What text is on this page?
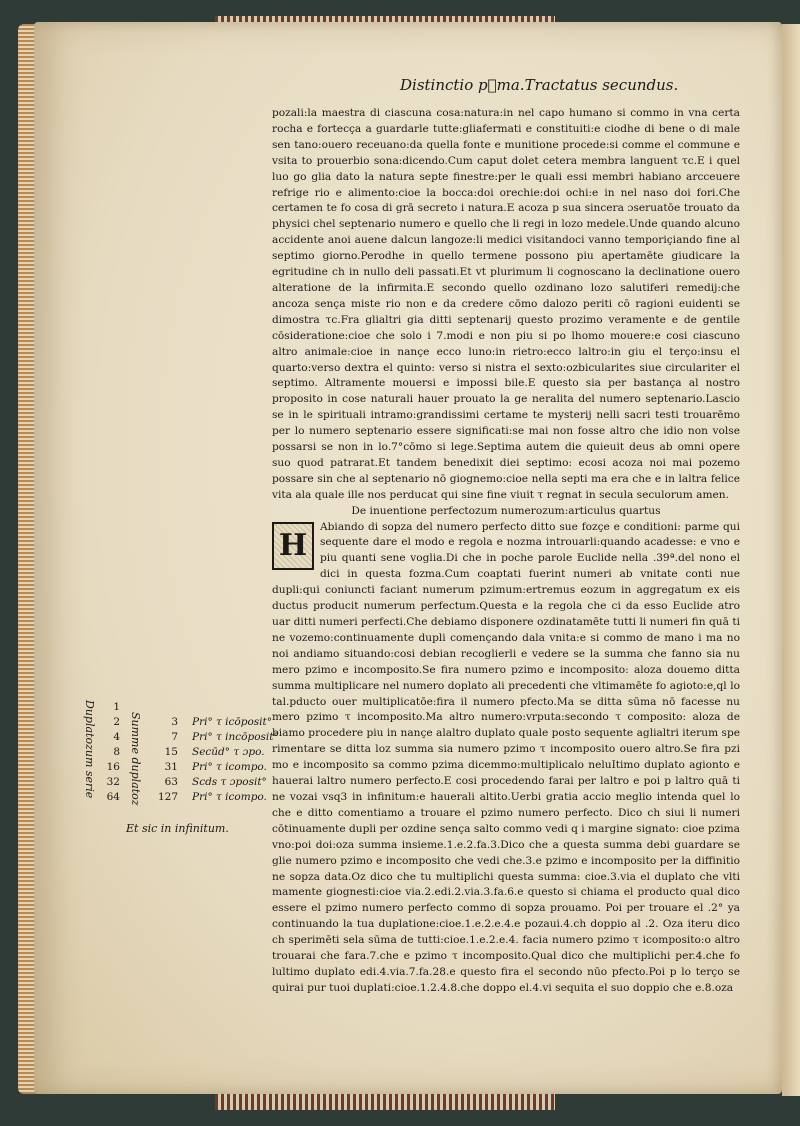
Distinctio pᷓma.Tractatus secundus.

pozali:la maestra di ciascuna cosa:natura:in nel capo humano si commo in vna certa rocha e fortecça a guardarle tutte:gliafermati e constituiti:e ciodhe di bene o di male sen tano:ouero receuano:da quella fonte e munitione procede:si comme el commune e vsita to prouerbio sona:dicendo.Cum caput dolet cetera membra languent τc.E i quel luo go glia dato la natura septe finestre:per le quali essi membri habiano arcceuere refrige rio e alimento:cioe la bocca:doi orechie:doi ochi:e in nel naso doi fori.Che certamen te fo cosa di grā secreto i natura.E acoza p sua sincera ɔseruatōe trouato da physici chel septenario numero e quello che li regi in lozo medele.Unde quando alcuno accidente anoi auene dalcun langoze:li medici visitandoci vanno temporiçiando fine al septimo giorno.Perodhe in quello termene possono piu apertamēte giudicare la egritudine ch in nullo deli passati.Et vt plurimum li cognoscano la declinatione ouero alteratione de la infirmita.E secondo quello ozdinano lozo salutiferi remedij:che ancoza sença miste rio non e da credere cōmo dalozo periti cō ragioni euidenti se dimostra τc.Fra glialtri gia ditti septenarij questo prozimo veramente e de gentile cōsideratione:cioe che solo i 7.modi e non piu si po lhomo mouere:e cosi ciascuno altro animale:cioe in nançe ecco luno:in rietro:ecco laltro:in giu el terço:insu el quarto:verso dextra el quinto: verso si nistra el sexto:ozbicularites siue circulariter el septimo. Altramente mouersi e impossi bile.E questo sia per bastança al nostro proposito in cose naturali hauer prouato la ge neralita del numero septenario.Lascio se in le spirituali intramo:grandissimi certame te mysterij nelli sacri testi trouarēmo per lo numero septenario essere significati:se mai non fosse altro che idio non volse possarsi se non in lo.7°cōmo si lege.Septima autem die quieuit deus ab omni opere suo quod patrarat.Et tandem benedixit diei septimo: ecosi acoza noi mai pozemo possare sin che al septenario nō giognemo:cioe nella septi ma era che e in laltra felice vita ala quale ille nos perducat qui sine fine viuit τ regnat in secula seculorum amen.

De inuentione perfectozum numerozum:articulus quartus

H
Abiando di sopza del numero perfecto ditto sue fozçe e conditioni: parme qui sequente dare el modo e regola e nozma introuarli:quando acadesse: e vno e piu quanti sene voglia.Di che in poche parole Euclide nella .39ª.del nono el dici in questa fozma.Cum coaptati fuerint numeri ab vnitate conti nue dupli:qui coniuncti faciant numerum pzimum:ertremus eozum in aggregatum ex eis ductus producit numerum perfectum.Questa e la regola che ci da esso Euclide atro uar ditti numeri perfecti.Che debiamo disponere ozdinatamēte tutti li numeri fin quā ti ne vozemo:continuamente dupli començando dala vnita:e si commo de mano i ma no noi andiamo situando:cosi debian recoglierli e vedere se la summa che fanno sia nu mero pzimo e incomposito.Se fira numero pzimo e incomposito: aloza douemo ditta summa multiplicare nel numero doplato ali precedenti che vltimamēte fo agioto:e,ql lo tal.pducto ouer multiplicatōe:fira il numero pfecto.Ma se ditta sūma nō facesse nu mero pzimo τ incomposito.Ma altro numero:vrputa:secondo τ composito: aloza de biamo procedere piu in nançe alaltro duplato quale posto sequente aglialtri iterum spe rimentare se ditta loz summa sia numero pzimo τ incomposito ouero altro.Se fira pzi mo e incomposito sa commo pzima dicemmo:multiplicalo neluItimo duplato agionto e hauerai laltro numero perfecto.E cosi procedendo farai per laltro e poi p laltro quā ti ne vozai vsq3 in infinitum:e hauerali altito.Uerbi gratia accio meglio intenda quel lo che e ditto comentiamo a trouare el pzimo numero perfecto. Dico ch siui li numeri cōtinuamente dupli per ozdine sença salto commo vedi q i margine signato: cioe pzima vno:poi doi:oza summa insieme.1.e.2.fa.3.Dico che a questa summa debi guardare se glie numero pzimo e incomposito che vedi che.3.e pzimo e incomposito per la diffinitio ne sopza data.Oz dico che tu multiplichi questa summa: cioe.3.via el duplato che vlti mamente giognesti:cioe via.2.edi.2.via.3.fa.6.e questo si chiama el producto qual dico essere el pzimo numero perfecto commo di sopza prouamo. Poi per trouare el .2° ya continuando la tua duplatione:cioe.1.e.2.e.4.e pozaui.4.ch doppio al .2. Oza iteru dico ch sperimēti sela sūma de tutti:cioe.1.e.2.e.4. facia numero pzimo τ icomposito:o altro trouarai che fara.7.che e pzimo τ incomposito.Qual dico che multiplichi per.4.che fo lultimo duplato edi.4.via.7.fa.28.e questo fira el secondo nūo pfecto.Poi p lo terço se quirai pur tuoi duplati:cioe.1.2.4.8.che doppo el.4.vi sequita el suo doppio che e.8.oza

Duplatozum serie	Summe duplatoz
1
2	3 Pri° τ icōposit°
4	7 Pri° τ incōposit°
8	15 Secūd° τ ɔpo.
16	31 Pri° τ icompo.
32	63 Scds τ ɔposit°
64	127 Pri° τ icompo.
Et sic in infinitum.
